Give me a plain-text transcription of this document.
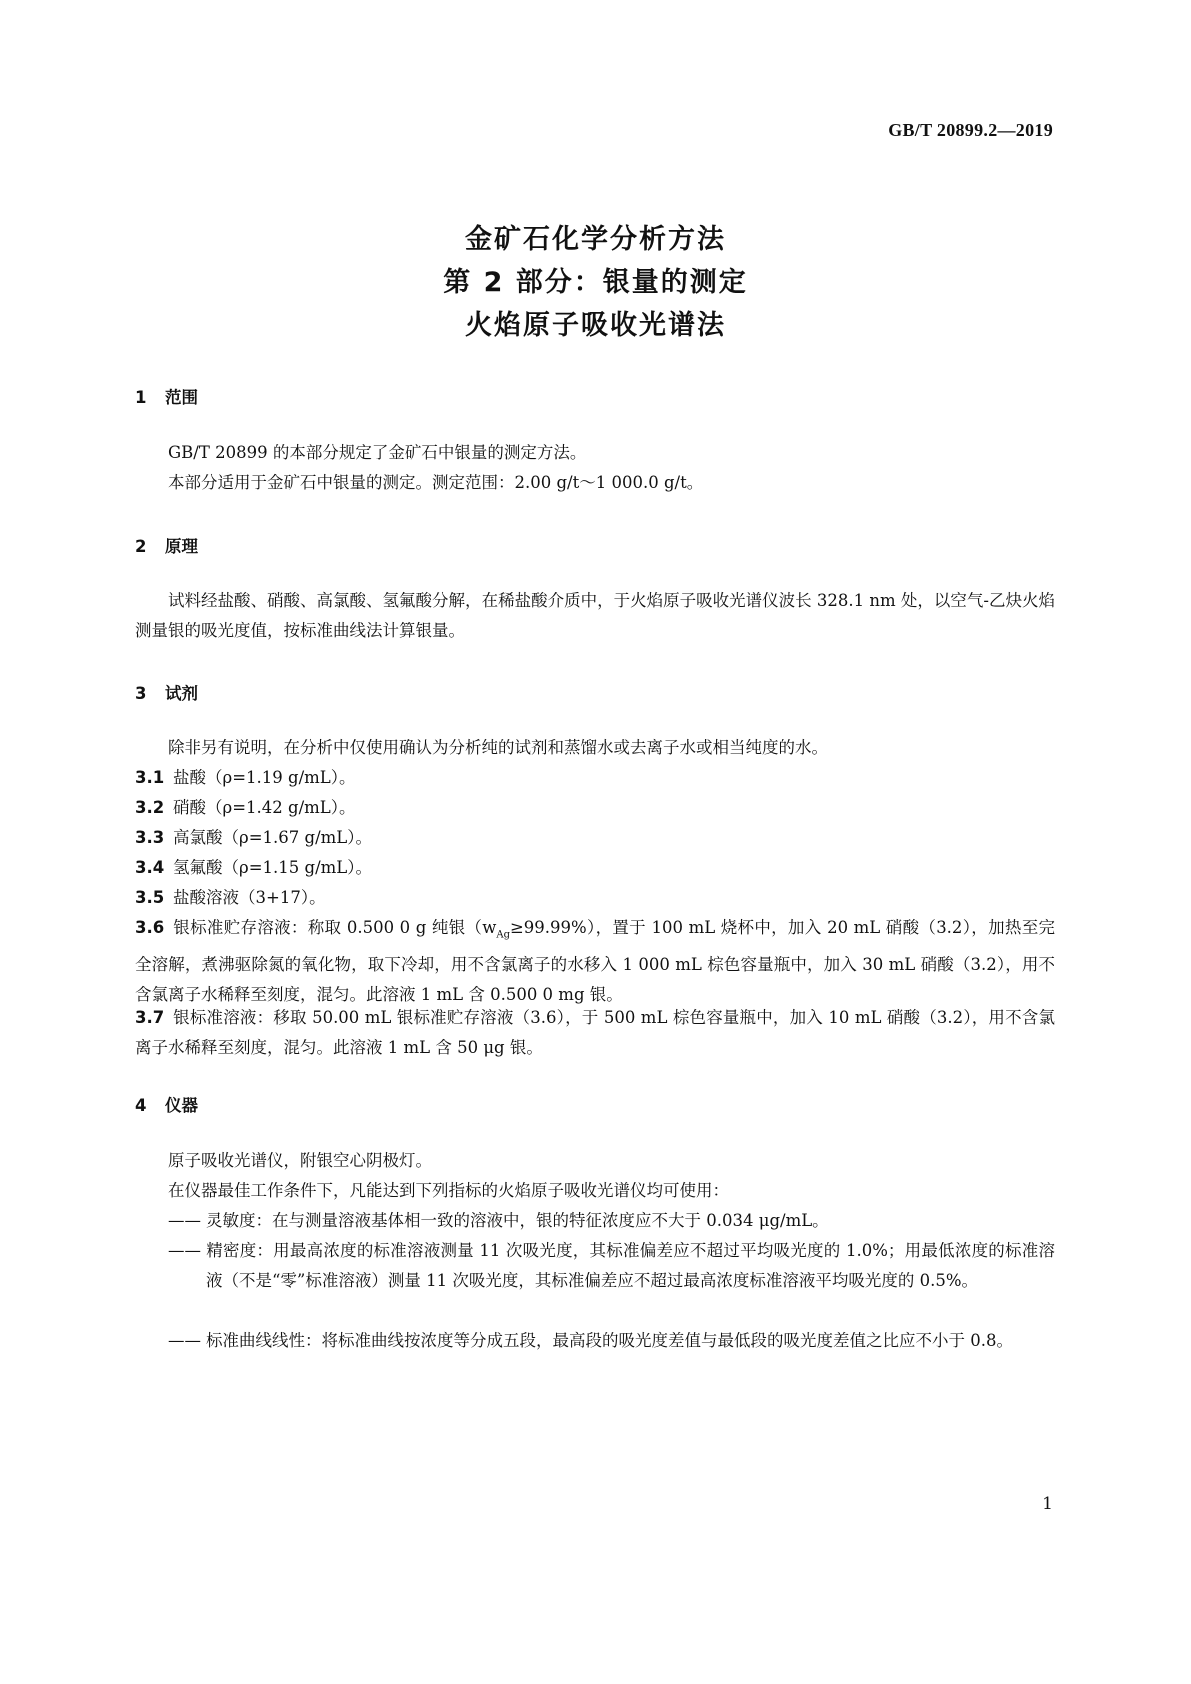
GB/T 20899.2—2019
金矿石化学分析方法
第 2 部分：银量的测定
火焰原子吸收光谱法
1 范围
GB/T 20899 的本部分规定了金矿石中银量的测定方法。
本部分适用于金矿石中银量的测定。测定范围：2.00 g/t～1 000.0 g/t。
2 原理
试料经盐酸、硝酸、高氯酸、氢氟酸分解，在稀盐酸介质中，于火焰原子吸收光谱仪波长 328.1 nm 处，以空气-乙炔火焰测量银的吸光度值，按标准曲线法计算银量。
3 试剂
除非另有说明，在分析中仅使用确认为分析纯的试剂和蒸馏水或去离子水或相当纯度的水。
3.1 盐酸（ρ=1.19 g/mL）。
3.2 硝酸（ρ=1.42 g/mL）。
3.3 高氯酸（ρ=1.67 g/mL）。
3.4 氢氟酸（ρ=1.15 g/mL）。
3.5 盐酸溶液（3+17）。
3.6 银标准贮存溶液：称取 0.500 0 g 纯银$(w_{Ag}\ge 99.99\%)$，置于 100 mL 烧杯中，加入 20 mL 硝酸（3.2），加热至完全溶解，煮沸驱除氮的氧化物，取下冷却，用不含氯离子的水移入 1 000 mL 棕色容量瓶中，加入 30 mL 硝酸（3.2），用不含氯离子水稀释至刻度，混匀。此溶液 1 mL 含 0.500 0 mg 银。
3.7 银标准溶液：移取 50.00 mL 银标准贮存溶液（3.6），于 500 mL 棕色容量瓶中，加入 10 mL 硝酸（3.2），用不含氯离子水稀释至刻度，混匀。此溶液 1 mL 含 50 μg 银。
4 仪器
原子吸收光谱仪，附银空心阴极灯。
在仪器最佳工作条件下，凡能达到下列指标的火焰原子吸收光谱仪均可使用：
—— 灵敏度：在与测量溶液基体相一致的溶液中，银的特征浓度应不大于 0.034 μg/mL。
—— 精密度：用最高浓度的标准溶液测量 11 次吸光度，其标准偏差应不超过平均吸光度的 1.0%；用最低浓度的标准溶液（不是“零”标准溶液）测量 11 次吸光度，其标准偏差应不超过最高浓度标准溶液平均吸光度的 0.5%。
—— 标准曲线线性：将标准曲线按浓度等分成五段，最高段的吸光度差值与最低段的吸光度差值之比应不小于 0.8。
1
